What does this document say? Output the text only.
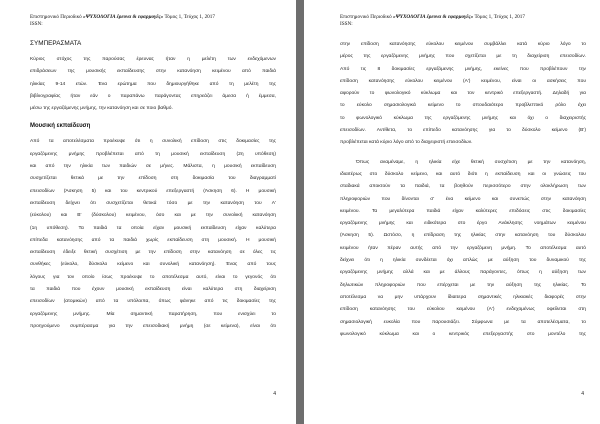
Επιστημονικό Περιοδικό «ΨΥΧΟΛΟΓΙΑ έρευνα & εφαρμογές» Τόμος 1, Τεύχος 1, 2017
ISSN:
ΣΥΜΠΕΡΑΣΜΑΤΑ
Κύριος στόχος της παρούσας έρευνας ήταν η μελέτη των ενδεχόμενων
επιδράσεων της μουσικής εκπαίδευσης στην κατανόηση κειμένου από παιδιά
ηλικίας 9-14 ετών. Ένα ερώτημα που δημιουργήθηκε από τη μελέτη της
βιβλιογραφίας ήταν εάν ο παραπάνω παράγοντας επηρεάζει άμεσα ή έμμεσα,
μέσω της εργαζόμενης μνήμης, την κατανόηση και σε ποιο βαθμό.
Μουσική εκπαίδευση
Από τα αποτελέσματα προέκυψε ότι η συνολική επίδοση στις δοκιμασίες της
εργαζόμενης μνήμης προβλέπεται από τη μουσική εκπαίδευση (2η υπόθεση)
και από την ηλικία των παιδιών σε μήνες. Μάλιστα, η μουσική εκπαίδευση
συσχετίζεται θετικά με την επίδοση στη δοκιμασία του διαγραμματί
επεισοδίων (Άσκηση 5) και του κεντρικού επεξεργαστή (Άσκηση 6). Η μουσική
εκπαίδευση δείχνει ότι συσχετίζεται θετικά τόσο με την κατανόηση του Α'
(εύκολου) και Β' (δύσκολου) κειμένου, όσο και με την συνολική κατανόηση
(1η υπόθεση). Τα παιδιά τα οποία είχαν μουσική εκπαίδευση είχαν καλύτερα
επίπεδα κατανόησης από τα παιδιά χωρίς εκπαίδευση στη μουσική. Η μουσική
εκπαίδευση έδειξε θετική συσχέτιση με την επίδοση στην κατανόηση σε όλες τις
συνθήκες (εύκολο, δύσκολο κείμενο και συνολική κατανόηση). Ένας από τους
λόγους για τον οποίο ίσως προέκυψε το αποτέλεσμα αυτό, είναι το γεγονός ότι
τα παιδιά που έχουν μουσική εκπαίδευση είναι καλύτερα στη διαχείριση
επεισοδίων (ατομικών) από τα υπόλοιπα, όπως φάνηκε από τις δοκιμασίες της
εργαζόμενης μνήμης. Μία σημαντική παρατήρηση, που ενισχύει το
προηγούμενο συμπέρασμα για την επεισοδιακή μνήμη (σε κείμενα), είναι ότι
4
Επιστημονικό Περιοδικό «ΨΥΧΟΛΟΓΙΑ έρευνα & εφαρμογές» Τόμος 1, Τεύχος 1, 2017
ISSN:
στην επίδοση κατανόησης εύκολου κειμένου συμβάλλει κατά κύριο λόγο το
μέρος της εργαζόμενης μνήμης που σχετίζεται με τη διαχείριση επεισοδίων.
Από τις 8 δοκιμασίες εργαζόμενης μνήμης, εκείνες που προβλέπουν την
επίδοση κατανόησης εύκολου κειμένου (Α') κειμένου, είναι οι ασκήσεις που
αφορούν το φωνολογικό κύκλωμα και τον κεντρικό επεξεργαστή. Δηλαδή για
το εύκολο σημασιολογικά κείμενο το σπουδαιότερο προβλεπτικό ρόλο έχει
το φωνολογικό κύκλωμα της εργαζόμενης μνήμης και όχι ο διαχειριστής
επεισοδίων. Αντίθετα, το επίπεδο κατανόησης για το δύσκολο κείμενο (Β')
προβλέπεται κατά κύριο λόγο από το διαχειριστή επεισοδίων.
Όπως αναμέναμε, η ηλικία είχε θετική συσχέτιση με την κατανόηση,
ιδιαιτέρως στο δύσκολο κείμενο, και αυτό διότι η εκπαίδευση και οι γνώσεις του
σταδιακά αποκτούν τα παιδιά, τα βοηθούν περισσότερο στην ολοκλήρωση των
πληροφοριών που δίνονται σ' ένα κείμενο και συνεπώς στην κατανόηση
κειμένου. Τα μεγαλύτερα παιδιά είχαν καλύτερες επιδόσεις στις δοκιμασίες
εργαζόμενης μνήμης και ειδικότερα στο έργο Ανάκλησης νοημάτων κειμένου
(Άσκηση 5). Ωστόσο, η επίδραση της ηλικίας στην κατανόηση του δύσκολου
κειμένου ήταν πέραν αυτής από την εργαζόμενη μνήμη. Το αποτέλεσμα αυτό
δείχνει ότι η ηλικία συνδέεται όχι απλώς με αύξηση του δυναμικού της
εργαζόμενης μνήμης αλλά και με άλλους παράγοντες, όπως η αύξηση των
δηλωτικών πληροφοριών που επέρχεται με την αύξηση της ηλικίας. Το
αποτέλεσμα να μην υπάρχουν ίδιαιτερα σημαντικές ηλικιακές διαφορές στην
επίδοση κατανόησης του εύκολου κειμένου (Α') ενδεχομένως οφείλεται στη
σημασιολογική ευκολία που παρουσιάζει. Σύμφωνα με τα αποτελέσματα, το
φωνολογικό κύκλωμα και ο κεντρικός επεξεργαστής στο μοντέλο της
4
